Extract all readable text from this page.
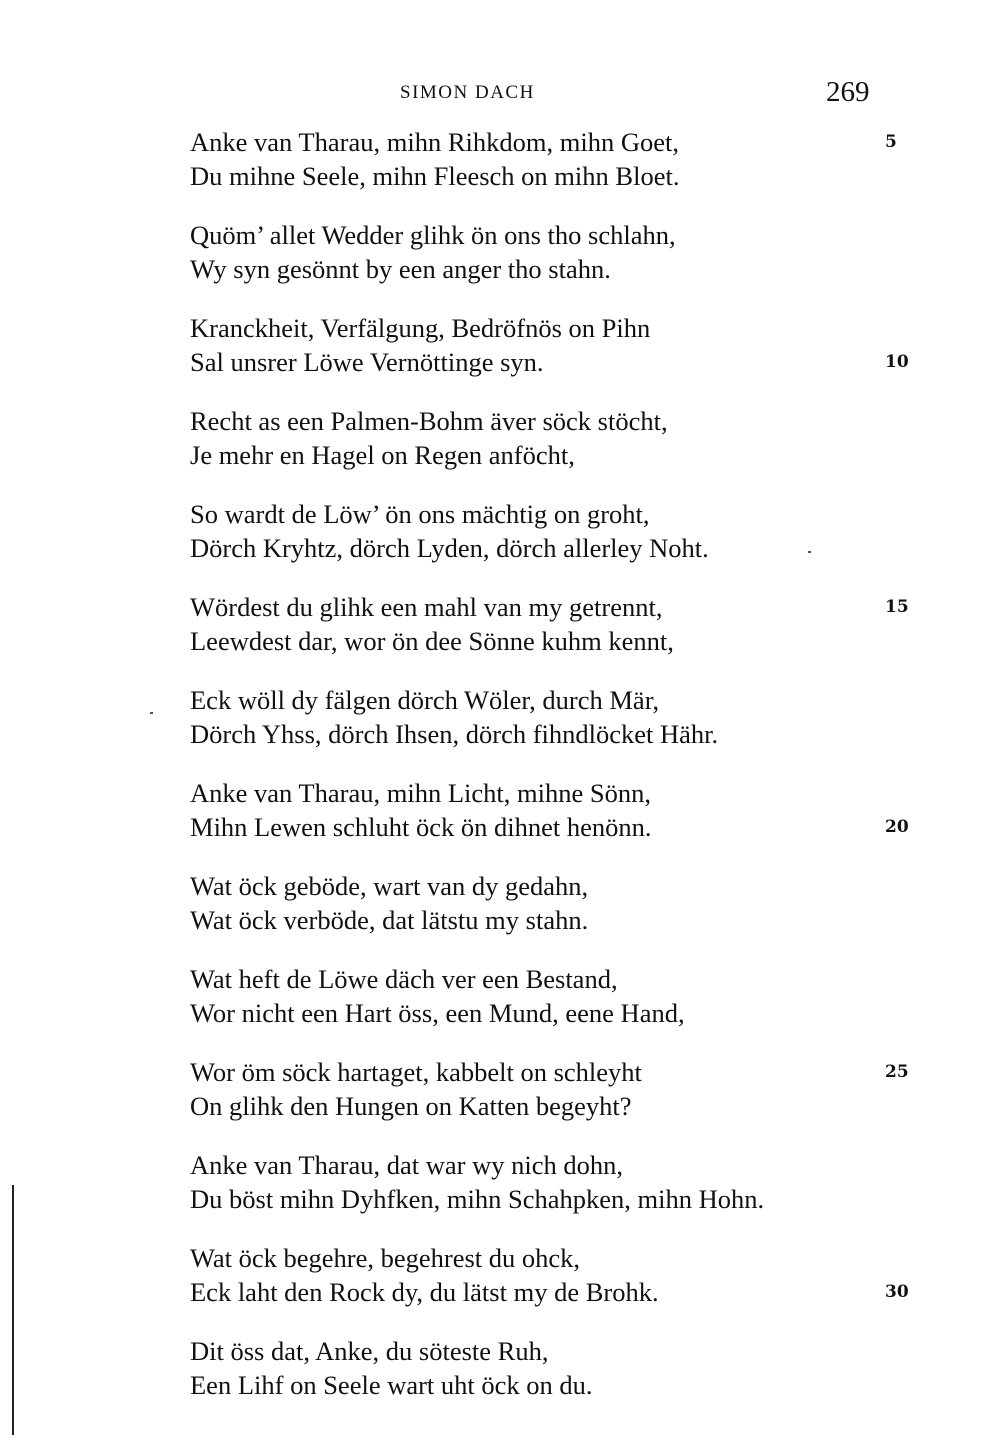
SIMON DACH	269
Anke van Tharau, mihn Rihkdom, mihn Goet,	5
Du mihne Seele, mihn Fleesch on mihn Bloet.
Quöm’ allet Wedder glihk ön ons tho schlahn,
Wy syn gesönnt by een anger tho stahn.
Kranckheit, Verfälgung, Bedröfnös on Pihn
Sal unsrer Löwe Vernöttinge syn.	10
Recht as een Palmen-Bohm äver söck stöcht,
Je mehr en Hagel on Regen anföcht,
So wardt de Löw’ ön ons mächtig on groht,
Dörch Kryhtz, dörch Lyden, dörch allerley Noht.
Wördest du glihk een mahl van my getrennt,	15
Leewdest dar, wor ön dee Sönne kuhm kennt,
Eck wöll dy fälgen dörch Wöler, durch Mär,
Dörch Yhss, dörch Ihsen, dörch fihndlöcket Hähr.
Anke van Tharau, mihn Licht, mihne Sönn,
Mihn Lewen schluht öck ön dihnet henönn.	20
Wat öck geböde, wart van dy gedahn,
Wat öck verböde, dat lätstu my stahn.
Wat heft de Löwe däch ver een Bestand,
Wor nicht een Hart öss, een Mund, eene Hand,
Wor öm söck hartaget, kabbelt on schleyht	25
On glihk den Hungen on Katten begeyht?
Anke van Tharau, dat war wy nich dohn,
Du böst mihn Dyhfken, mihn Schahpken, mihn Hohn.
Wat öck begehre, begehrest du ohck,
Eck laht den Rock dy, du lätst my de Brohk.	30
Dit öss dat, Anke, du söteste Ruh,
Een Lihf on Seele wart uht öck on du.
